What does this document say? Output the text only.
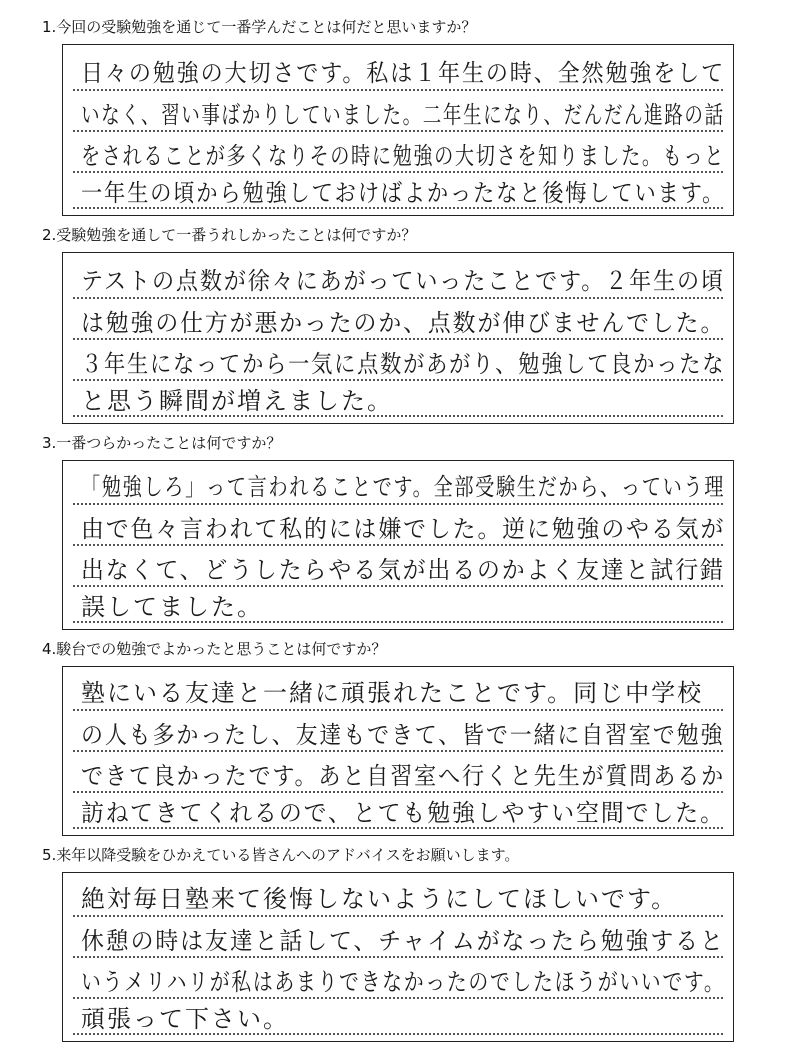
1.今回の受験勉強を通じて一番学んだことは何だと思いますか？
日々の勉強の大切さです。私は１年生の時、全然勉強をして
いなく、習い事ばかりしていました。二年生になり、だんだん進路の話
をされることが多くなりその時に勉強の大切さを知りました。もっと
一年生の頃から勉強しておけばよかったなと後悔しています。
2.受験勉強を通して一番うれしかったことは何ですか？
テストの点数が徐々にあがっていったことです。２年生の頃
は勉強の仕方が悪かったのか、点数が伸びませんでした。
３年生になってから一気に点数があがり、勉強して良かったな
と思う瞬間が増えました。
3.一番つらかったことは何ですか？
「勉強しろ」って言われることです。全部受験生だから、っていう理
由で色々言われて私的には嫌でした。逆に勉強のやる気が
出なくて、どうしたらやる気が出るのかよく友達と試行錯
誤してました。
4.駿台での勉強でよかったと思うことは何ですか？
塾にいる友達と一緒に頑張れたことです。同じ中学校
の人も多かったし、友達もできて、皆で一緒に自習室で勉強
できて良かったです。あと自習室へ行くと先生が質問あるか
訪ねてきてくれるので、とても勉強しやすい空間でした。
5.来年以降受験をひかえている皆さんへのアドバイスをお願いします。
絶対毎日塾来て後悔しないようにしてほしいです。
休憩の時は友達と話して、チャイムがなったら勉強すると
いうメリハリが私はあまりできなかったのでしたほうがいいです。
頑張って下さい。
